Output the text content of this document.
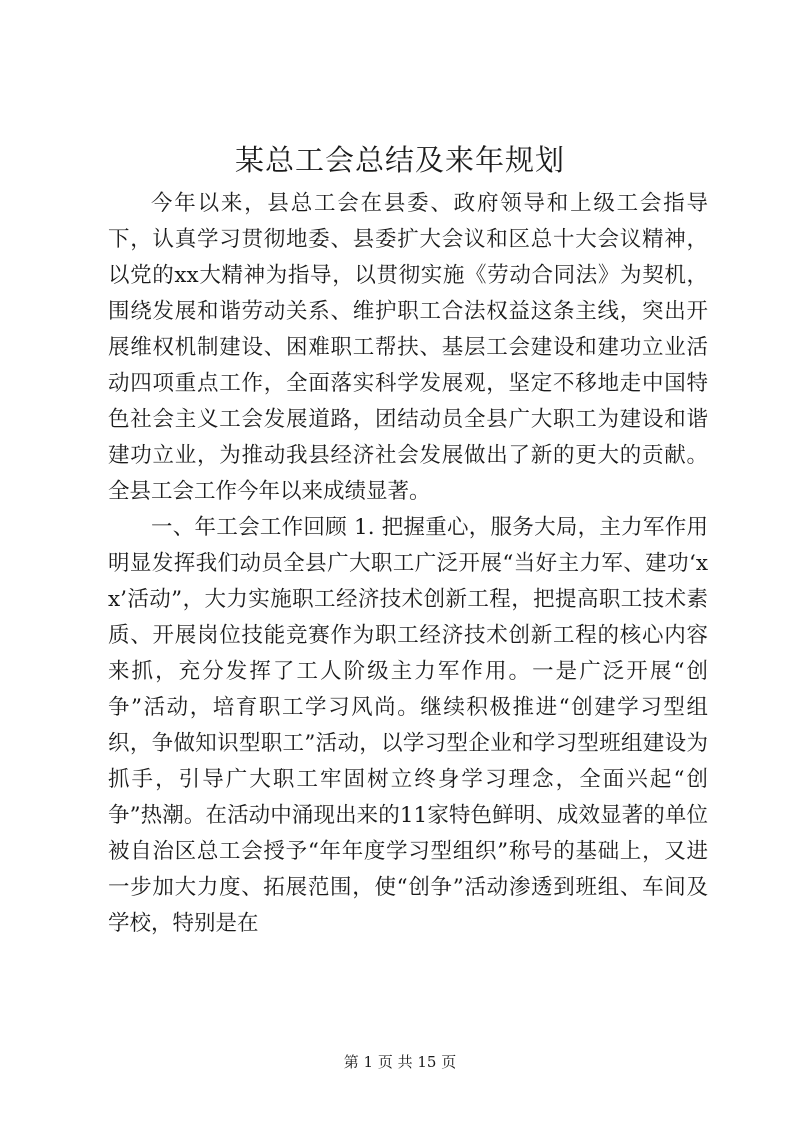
某总工会总结及来年规划

今年以来，县总工会在县委、政府领导和上级工会指导下，认真学习贯彻地委、县委扩大会议和区总十大会议精神，以党的xx大精神为指导，以贯彻实施《劳动合同法》为契机，围绕发展和谐劳动关系、维护职工合法权益这条主线，突出开展维权机制建设、困难职工帮扶、基层工会建设和建功立业活动四项重点工作，全面落实科学发展观，坚定不移地走中国特色社会主义工会发展道路，团结动员全县广大职工为建设和谐建功立业，为推动我县经济社会发展做出了新的更大的贡献。全县工会工作今年以来成绩显著。

一、年工会工作回顾 1. 把握重心，服务大局，主力军作用明显发挥我们动员全县广大职工广泛开展“当好主力军、建功‘xx’活动”，大力实施职工经济技术创新工程，把提高职工技术素质、开展岗位技能竞赛作为职工经济技术创新工程的核心内容来抓，充分发挥了工人阶级主力军作用。一是广泛开展“创争”活动，培育职工学习风尚。继续积极推进“创建学习型组织，争做知识型职工”活动，以学习型企业和学习型班组建设为抓手，引导广大职工牢固树立终身学习理念，全面兴起“创争”热潮。在活动中涌现出来的11家特色鲜明、成效显著的单位被自治区总工会授予“年年度学习型组织”称号的基础上，又进一步加大力度、拓展范围，使“创争”活动渗透到班组、车间及学校，特别是在

第 1 页 共 15 页
